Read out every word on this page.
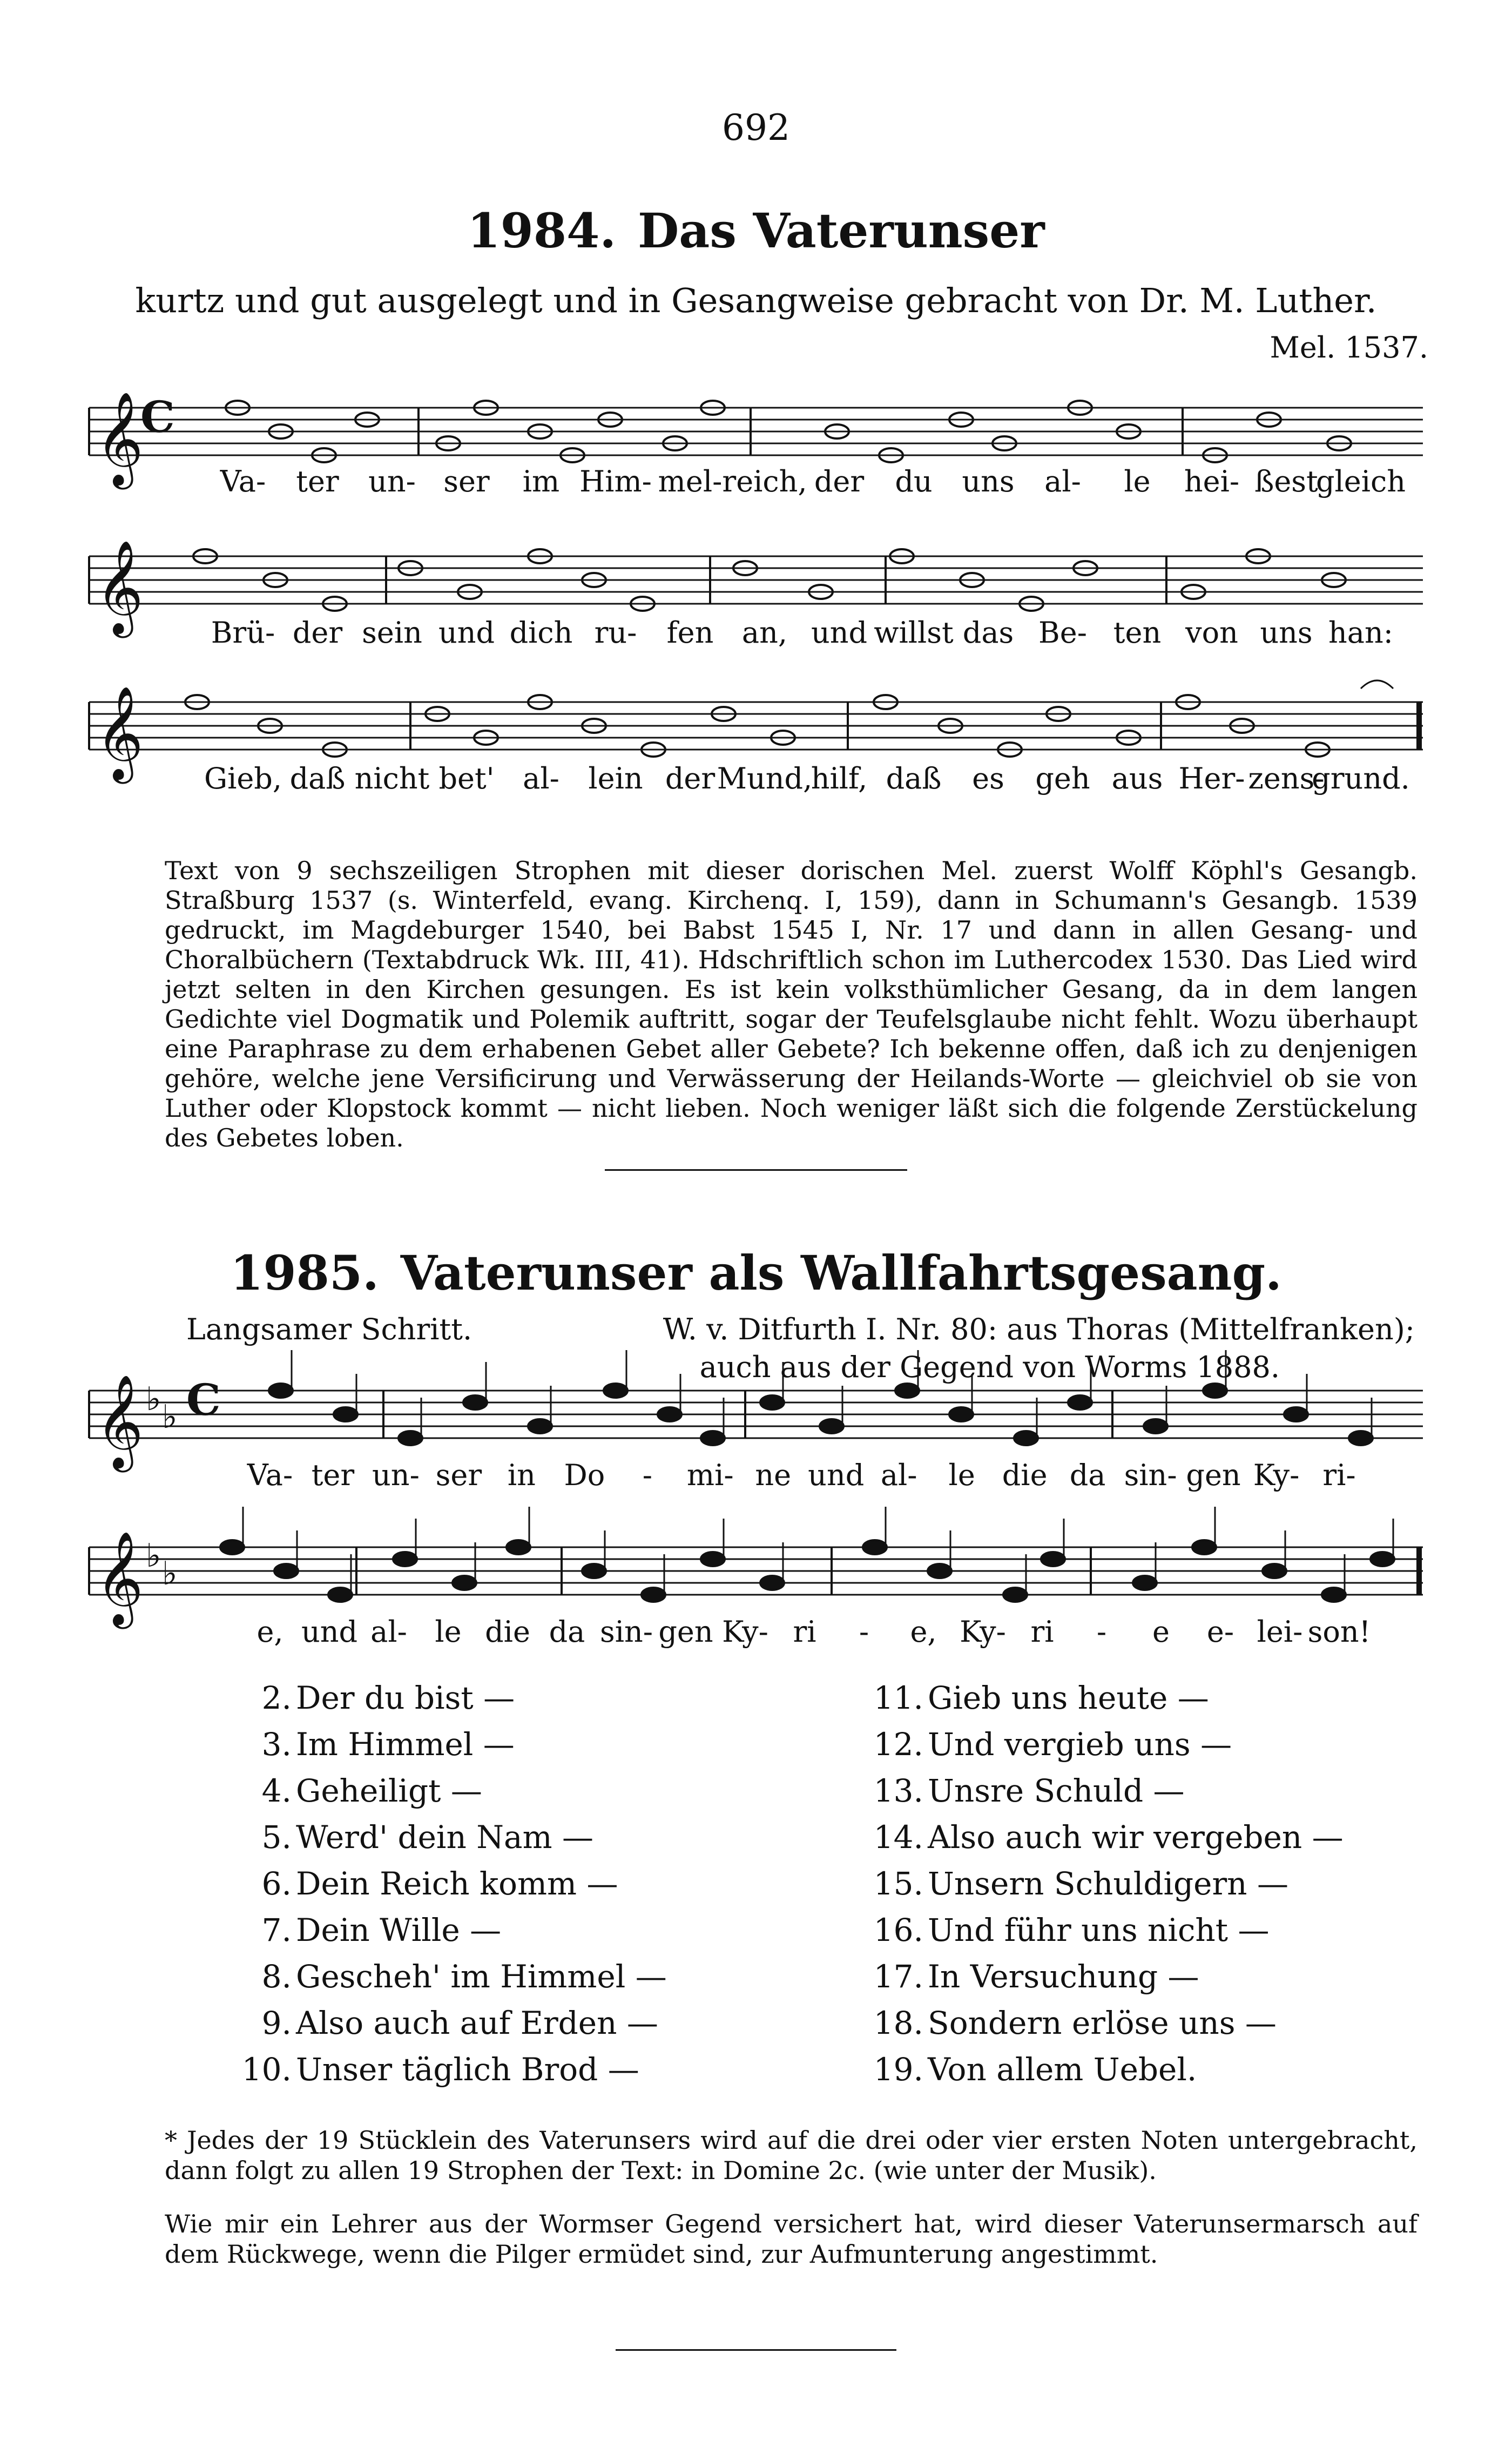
692
1984. Das Vaterunser
kurtz und gut ausgelegt und in Gesangweise gebracht von Dr. M. Luther.
Mel. 1537.
𝄞
𝄞
𝄞
C
𝄞 ♭ ♭
𝄞 ♭ ♭
C
Va- ter un- ser im Him- mel- reich, der du uns al- le hei- ßest
gleich
Brü- der sein und dich ru- fen an, und willst das Be- ten von uns han:
Gieb, daß nicht bet' al- lein der Mund,
hilf, daß es geh aus Her- zens-
grund.
Va- ter un- ser in Do - mi- ne und al- le die da sin- gen Ky- ri-
e, und al- le die da sin- gen Ky- ri - e, Ky- ri - e e- lei- son!
Text von 9 sechszeiligen Strophen mit dieser dorischen Mel. zuerst Wolff Köphl's Gesangb. Straßburg 1537 (s. Winterfeld, evang. Kirchenq. I, 159), dann in Schumann's Gesangb. 1539 gedruckt, im Magdeburger 1540, bei Babst 1545 I, Nr. 17 und dann in allen Gesang- und Choralbüchern (Textabdruck Wk. III, 41). Hdschriftlich schon im Luthercodex 1530. Das Lied wird jetzt selten in den Kirchen gesungen. Es ist kein volksthümlicher Gesang, da in dem langen Gedichte viel Dogmatik und Polemik auftritt, sogar der Teufelsglaube nicht fehlt. Wozu überhaupt eine Paraphrase zu dem erhabenen Gebet aller Gebete? Ich bekenne offen, daß ich zu denjenigen gehöre, welche jene Versificirung und Verwässerung der Heilands-Worte — gleichviel ob sie von Luther oder Klopstock kommt — nicht lieben. Noch weniger läßt sich die folgende Zerstückelung des Gebetes loben.
1985. Vaterunser als Wallfahrtsgesang.
Langsamer Schritt.	W. v. Ditfurth I. Nr. 80: aus Thoras (Mittelfranken);
auch aus der Gegend von Worms 1888.
2. Der du bist —
3. Im Himmel —
4. Geheiligt —
5. Werd' dein Nam —
6. Dein Reich komm —
7. Dein Wille —
8. Gescheh' im Himmel —
9. Also auch auf Erden —
10. Unser täglich Brod —
11. Gieb uns heute —
12. Und vergieb uns —
13. Unsre Schuld —
14. Also auch wir vergeben —
15. Unsern Schuldigern —
16. Und führ uns nicht —
17. In Versuchung —
18. Sondern erlöse uns —
19. Von allem Uebel.
* Jedes der 19 Stücklein des Vaterunsers wird auf die drei oder vier ersten Noten untergebracht, dann folgt zu allen 19 Strophen der Text: in Domine 2c. (wie unter der Musik).
Wie mir ein Lehrer aus der Wormser Gegend versichert hat, wird dieser Vaterunsermarsch auf dem Rückwege, wenn die Pilger ermüdet sind, zur Aufmunterung angestimmt.
